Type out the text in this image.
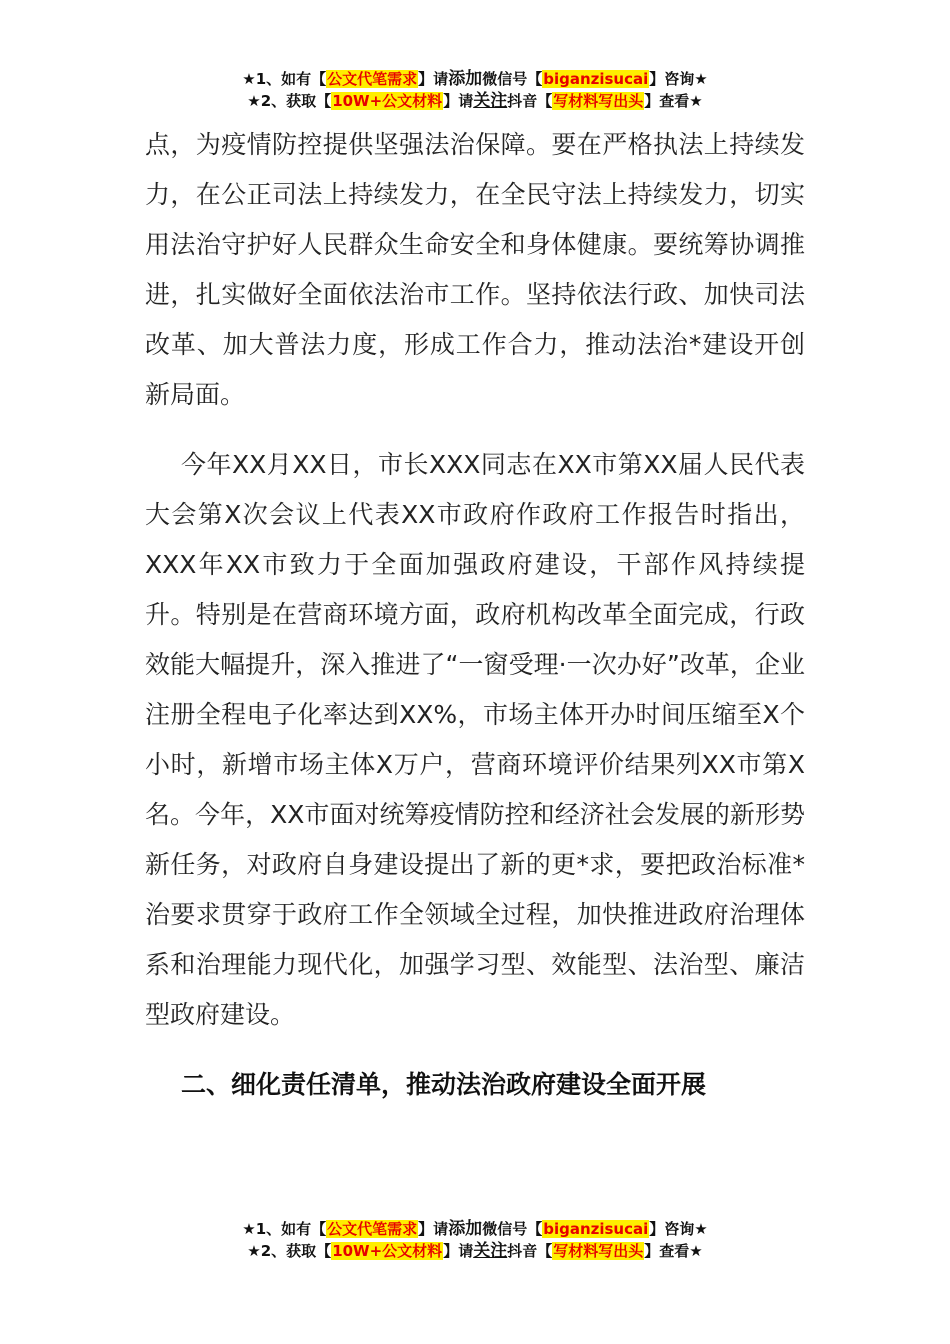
★1、如有【公文代笔需求】请添加微信号【biganzisucai】咨询★
★2、获取【10W+公文材料】请关注抖音【写材料写出头】查看★

点，为疫情防控提供坚强法治保障。要在严格执法上持续发力，在公正司法上持续发力，在全民守法上持续发力，切实用法治守护好人民群众生命安全和身体健康。要统筹协调推进，扎实做好全面依法治市工作。坚持依法行政、加快司法改革、加大普法力度，形成工作合力，推动法治*建设开创新局面。

今年XX月XX日，市长XXX同志在XX市第XX届人民代表大会第X次会议上代表XX市政府作政府工作报告时指出，XXX年XX市致力于全面加强政府建设，干部作风持续提升。特别是在营商环境方面，政府机构改革全面完成，行政效能大幅提升，深入推进了“一窗受理·一次办好”改革，企业注册全程电子化率达到XX%，市场主体开办时间压缩至X个小时，新增市场主体X万户，营商环境评价结果列XX市第X名。今年，XX市面对统筹疫情防控和经济社会发展的新形势新任务，对政府自身建设提出了新的更*求，要把政治标准*治要求贯穿于政府工作全领域全过程，加快推进政府治理体系和治理能力现代化，加强学习型、效能型、法治型、廉洁型政府建设。

二、细化责任清单，推动法治政府建设全面开展

★1、如有【公文代笔需求】请添加微信号【biganzisucai】咨询★
★2、获取【10W+公文材料】请关注抖音【写材料写出头】查看★
